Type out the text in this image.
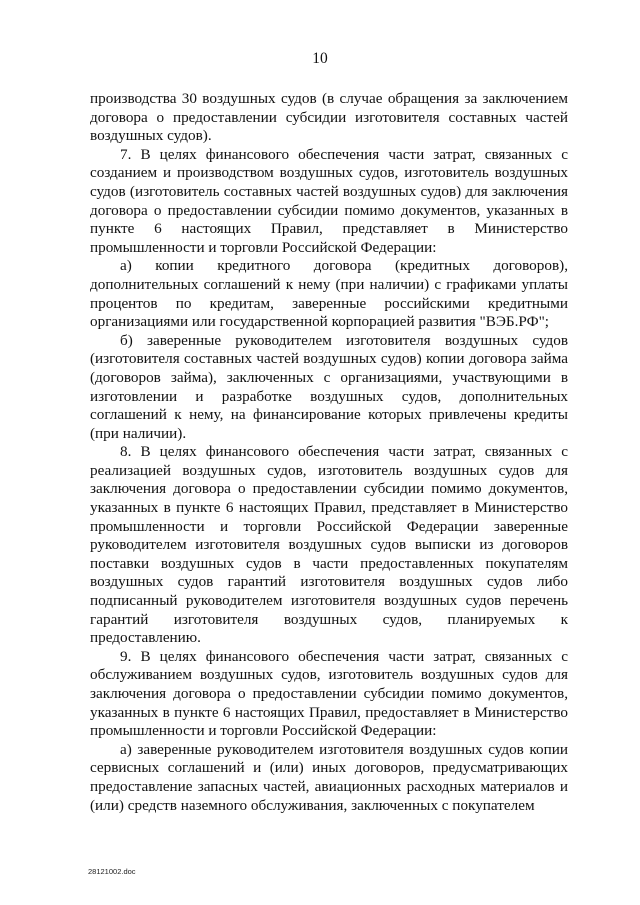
10

производства 30 воздушных судов (в случае обращения за заключением договора о предоставлении субсидии изготовителя составных частей воздушных судов).

7. В целях финансового обеспечения части затрат, связанных с созданием и производством воздушных судов, изготовитель воздушных судов (изготовитель составных частей воздушных судов) для заключения договора о предоставлении субсидии помимо документов, указанных в пункте 6 настоящих Правил, представляет в Министерство промышленности и торговли Российской Федерации:

а) копии кредитного договора (кредитных договоров), дополнительных соглашений к нему (при наличии) с графиками уплаты процентов по кредитам, заверенные российскими кредитными организациями или государственной корпорацией развития "ВЭБ.РФ";

б) заверенные руководителем изготовителя воздушных судов (изготовителя составных частей воздушных судов) копии договора займа (договоров займа), заключенных с организациями, участвующими в изготовлении и разработке воздушных судов, дополнительных соглашений к нему, на финансирование которых привлечены кредиты (при наличии).

8. В целях финансового обеспечения части затрат, связанных с реализацией воздушных судов, изготовитель воздушных судов для заключения договора о предоставлении субсидии помимо документов, указанных в пункте 6 настоящих Правил, представляет в Министерство промышленности и торговли Российской Федерации заверенные руководителем изготовителя воздушных судов выписки из договоров поставки воздушных судов в части предоставленных покупателям воздушных судов гарантий изготовителя воздушных судов либо подписанный руководителем изготовителя воздушных судов перечень гарантий изготовителя воздушных судов, планируемых к предоставлению.

9. В целях финансового обеспечения части затрат, связанных с обслуживанием воздушных судов, изготовитель воздушных судов для заключения договора о предоставлении субсидии помимо документов, указанных в пункте 6 настоящих Правил, предоставляет в Министерство промышленности и торговли Российской Федерации:

а) заверенные руководителем изготовителя воздушных судов копии сервисных соглашений и (или) иных договоров, предусматривающих предоставление запасных частей, авиационных расходных материалов и (или) средств наземного обслуживания, заключенных с покупателем

28121002.doc
